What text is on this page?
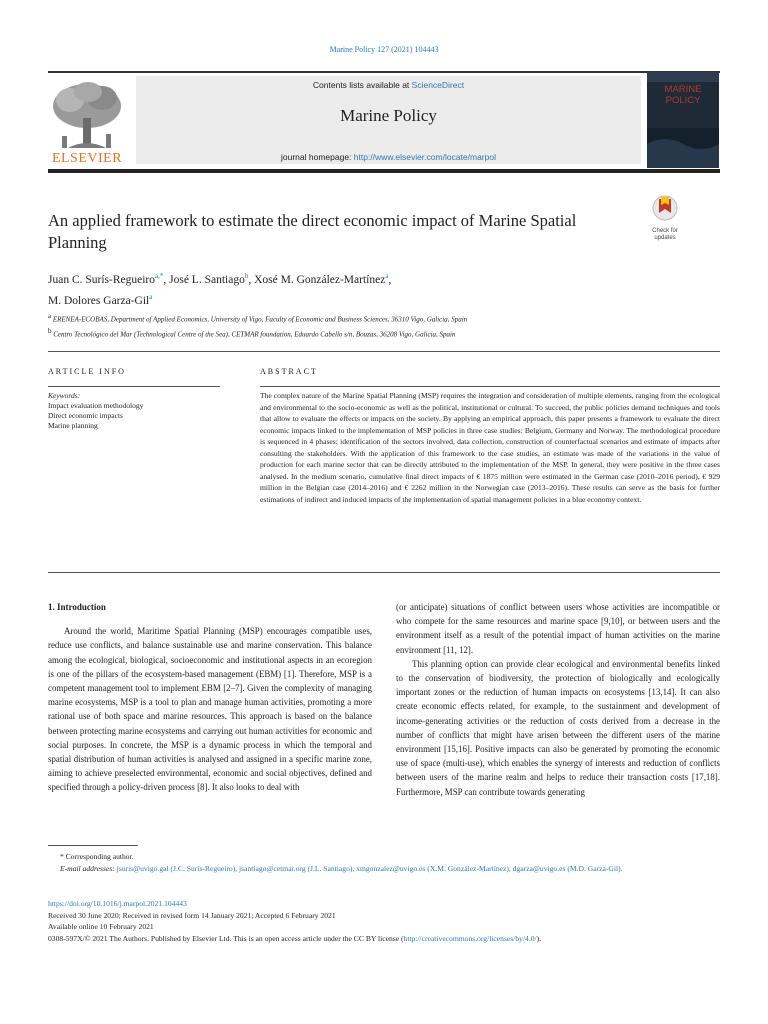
Marine Policy 127 (2021) 104443
Contents lists available at ScienceDirect
Marine Policy
journal homepage: http://www.elsevier.com/locate/marpol
ELSEVIER
MARINE
POLICY
An applied framework to estimate the direct economic impact of Marine Spatial Planning
Check for
updates
Juan C. Surís-Regueiro$^{a,*}$, José L. Santiago$^b$, Xosé M. González-Martínez$^a$,
M. Dolores Garza-Gil$^a$
$^a$ ERENEA-ECOBAS, Department of Applied Economics, University of Vigo, Faculty of Economic and Business Sciences, 36310 Vigo, Galicia, Spain
$^b$ Centro Tecnológico del Mar (Technological Centre of the Sea), CETMAR foundation, Eduardo Cabello s/n, Bouzas, 36208 Vigo, Galicia, Spain
ARTICLE INFO
Keywords:
Impact evaluation methodology
Direct economic impacts
Marine planning
ABSTRACT
The complex nature of the Marine Spatial Planning (MSP) requires the integration and consideration of multiple elements, ranging from the ecological and environmental to the socio-economic as well as the political, institutional or cultural. To succeed, the public policies demand techniques and tools that allow to evaluate the effects or impacts on the society. By applying an empirical approach, this paper presents a framework to evaluate the direct economic impacts linked to the implementation of MSP policies in three case studies: Belgium, Germany and Norway. The methodological procedure is sequenced in 4 phases: identification of the sectors involved, data collection, construction of counterfactual scenarios and estimate of impacts after consulting the stakeholders. With the application of this framework to the case studies, an estimate was made of the variations in the value of production for each marine sector that can be directly attributed to the implementation of the MSP. In general, they were positive in the three cases analysed. In the medium scenario, cumulative final direct impacts of € 1875 million were estimated in the German case (2010–2016 period), € 929 million in the Belgian case (2014–2016) and € 2262 million in the Norwegian case (2013–2016). These results can serve as the basis for further estimations of indirect and induced impacts of the implementation of spatial management policies in a blue economy context.

1. Introduction

Around the world, Maritime Spatial Planning (MSP) encourages compatible uses, reduce use conflicts, and balance sustainable use and marine conservation. This balance among the ecological, biological, socioeconomic and institutional aspects in an ecoregion is one of the pillars of the ecosystem-based management (EBM) [1]. Therefore, MSP is a competent management tool to implement EBM [2–7]. Given the complexity of managing marine ecosystems, MSP is a tool to plan and manage human activities, promoting a more rational use of both space and marine resources. This approach is based on the balance between protecting marine ecosystems and carrying out human activities for economic and social purposes. In concrete, the MSP is a dynamic process in which the temporal and spatial distribution of human activities is analysed and assigned in a specific marine zone, aiming to achieve preselected environmental, economic and social objectives, defined and specified through a policy-driven process [8]. It also looks to deal with

(or anticipate) situations of conflict between users whose activities are incompatible or who compete for the same resources and marine space [9,10], or between users and the environment itself as a result of the potential impact of human activities on the marine environment [11, 12].

This planning option can provide clear ecological and environmental benefits linked to the conservation of biodiversity, the protection of biologically and ecologically important zones or the reduction of human impacts on ecosystems [13,14]. It can also create economic effects related, for example, to the sustainment and development of income-generating activities or the reduction of costs derived from a decrease in the number of conflicts that might have arisen between the different users of the marine environment [15,16]. Positive impacts can also be generated by promoting the economic use of space (multi-use), which enables the synergy of interests and reduction of conflicts between users of the marine realm and helps to reduce their transaction costs [17,18]. Furthermore, MSP can contribute towards generating

* Corresponding author.
E-mail addresses: jsuris@uvigo.gal (J.C. Surís-Regueiro), jsantiago@cetmar.org (J.L. Santiago), xmgonzalez@uvigo.es (X.M. González-Martínez), dgarza@uvigo.es (M.D. Garza-Gil).
https://doi.org/10.1016/j.marpol.2021.104443
Received 30 June 2020; Received in revised form 14 January 2021; Accepted 6 February 2021
Available online 10 February 2021
0308-597X/© 2021 The Authors. Published by Elsevier Ltd. This is an open access article under the CC BY license (http://creativecommons.org/licenses/by/4.0/).
